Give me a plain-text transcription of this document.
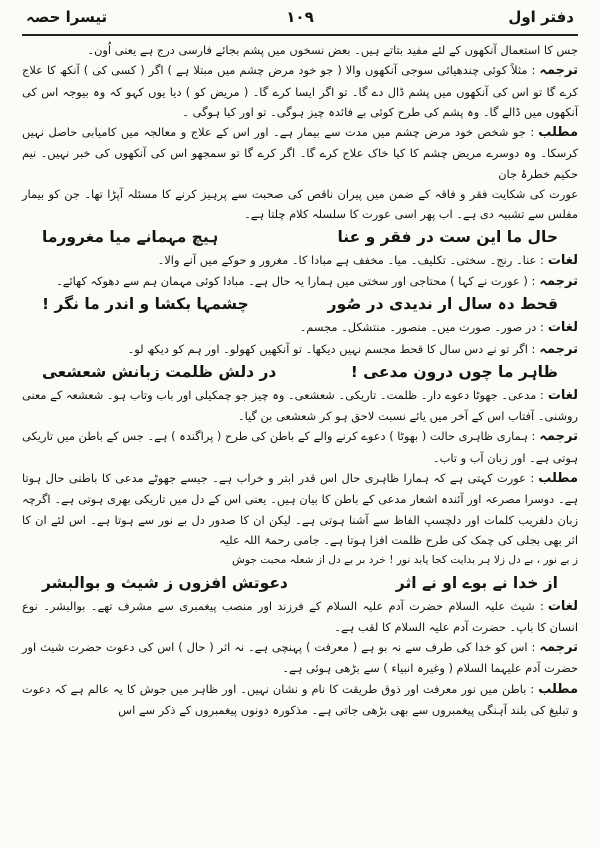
دفتر اول
۱۰۹
تیسرا حصہ

جس کا استعمال آنکھوں کے لئے مفید بتاتے ہیں۔ بعض نسخوں میں پشم بجائے فارسی درج ہے یعنی اُون۔

ترجمہ: مثلاً کوئی چندھیائی سوجی آنکھوں والا ( جو خود مرض چشم میں مبتلا ہے ) اگر ( کسی کی ) آنکھ کا علاج کرے گا تو اس کی آنکھوں میں پشم ڈال دے گا۔ تو اگر ایسا کرے گا۔ ( مریض کو ) دیا یوں کہو کہ وہ بیوجہ اس کی آنکھوں میں ڈالے گا۔ وہ پشم کی طرح کوئی بے فائدہ چیز ہوگی۔ تو اور کیا ہوگی ۔

مطلب: جو شخص خود مرض چشم میں مدت سے بیمار ہے۔ اور اس کے علاج و معالجہ میں کامیابی حاصل نہیں کرسکا۔ وہ دوسرے مریض چشم کا کیا خاک علاج کرے گا۔ اگر کرے گا تو سمجھو اس کی آنکھوں کی خبر نہیں۔ نیم حکیم خطرۂ جان

عورت کی شکایت فقر و فاقہ کے ضمن میں پیران ناقص کی صحبت سے پرہیز کرنے کا مسئلہ آپڑا تھا۔ جن کو بیمار مفلس سے تشبیہ دی ہے۔ اب پھر اسی عورت کا سلسلہ کلام چلتا ہے۔

حال ما این ست در فقر و عنا
ہیچ مہمانے میا مغرورما

لغات: عنا۔ رنج۔ سختی۔ تکلیف۔ میا۔ مخفف ہے مبادا کا۔ مغرور و حوکے میں آنے والا۔

ترجمہ: ( عورت نے کہا ) محتاجی اور سختی میں ہمارا یہ حال ہے۔ مبادا کوئی مہمان ہم سے دھوکہ کھائے۔

قحط دہ سال ار ندیدی در صُور
چشمہا بکشا و اندر ما نگر !

لغات: در صور۔ صورت میں۔ منصور۔ منتشکل۔ مجسم۔

ترجمہ: اگر تو نے دس سال کا قحط مجسم نہیں دیکھا۔ تو آنکھیں کھولو۔ اور ہم کو دیکھ لو۔

ظاہر ما چوں درون مدعی !
در دلش ظلمت زبانش شعشعی

لغات: مدعی۔ جھوٹا دعوے دار۔ ظلمت۔ تاریکی۔ شعشعی۔ وہ چیز جو چمکیلی اور باب وتاب ہو۔ شعشعہ کے معنی روشنی۔ آفتاب اس کے آخر میں یائے نسبت لاحق ہو کر شعشعی بن گیا۔

ترجمہ: ہماری ظاہری حالت ( بھوٹا ) دعوے کرنے والے کے باطن کی طرح ( پراگندہ ) ہے۔ جس کے باطن میں تاریکی ہوتی ہے۔ اور زبان آب و تاب۔

مطلب: عورت کہتی ہے کہ ہمارا ظاہری حال اس قدر ابتر و خراب ہے۔ جیسے جھوٹے مدعی کا باطنی حال ہوتا ہے۔ دوسرا مصرعہ اور آئندہ اشعار مدعی کے باطن کا بیان ہیں۔ یعنی اس کے دل میں تاریکی بھری ہوتی ہے۔ اگرچہ زبان دلفریب کلمات اور دلچسپ الفاظ سے آشنا ہوتی ہے۔ لیکن ان کا صدور دل بے نور سے ہوتا ہے۔ اس لئے ان کا اثر بھی بجلی کی چمک کی طرح ظلمت افزا ہوتا ہے۔ جامی رحمۃ اللہ علیہ

ز بے نور ، بے دل زلا ہر بدایت کجا یابد نور ! خرد بر بے دل از شعلہ محبت جوش

از خدا نے بوے او نے اثر
دعوتش افزوں ز شیث و بوالبشر

لغات: شیث علیہ السلام حضرت آدم علیہ السلام کے فرزند اور منصب پیغمبری سے مشرف تھے۔ بوالبشر۔ نوع انسان کا باپ۔ حضرت آدم علیہ السلام کا لقب ہے۔

ترجمہ: اس کو خدا کی طرف سے نہ بو ہے ( معرفت ) پہنچی ہے۔ نہ اثر ( حال ) اس کی دعوت حضرت شیث اور حضرت آدم علیہما السلام ( وغیرہ انبیاء ) سے بڑھی ہوئی ہے۔

مطلب: باطن میں نور معرفت اور ذوق طریقت کا نام و نشان نہیں۔ اور ظاہر میں جوش کا یہ عالم ہے کہ دعوت و تبلیغ کی بلند آہنگی پیغمبروں سے بھی بڑھی جاتی ہے۔ مذکورہ دونوں پیغمبروں کے ذکر سے اس
